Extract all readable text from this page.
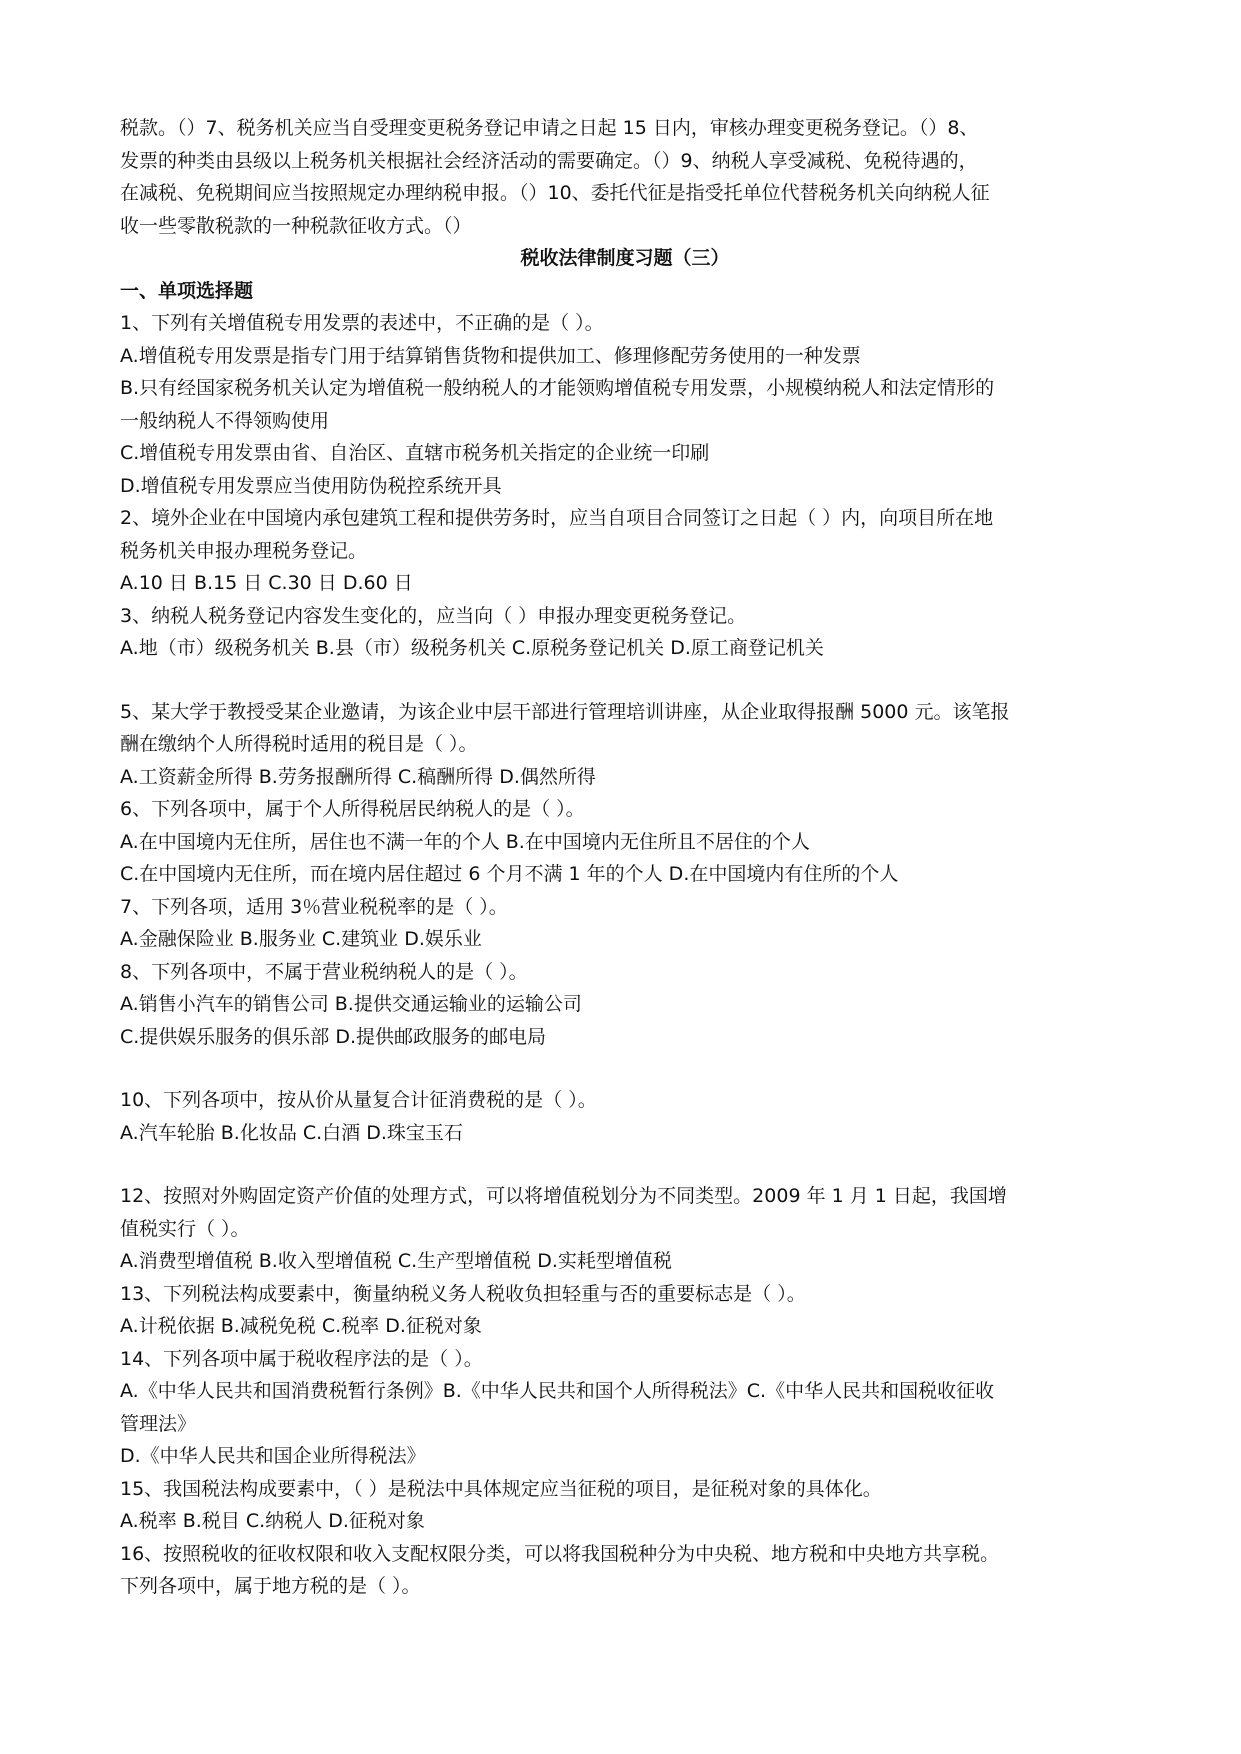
税款。（）7、税务机关应当自受理变更税务登记申请之日起 15 日内，审核办理变更税务登记。（）8、

发票的种类由县级以上税务机关根据社会经济活动的需要确定。（）9、纳税人享受减税、免税待遇的，

在减税、免税期间应当按照规定办理纳税申报。（）10、委托代征是指受托单位代替税务机关向纳税人征

收一些零散税款的一种税款征收方式。（）

税收法律制度习题（三）

一、单项选择题

1、下列有关增值税专用发票的表述中，不正确的是（ ）。

A.增值税专用发票是指专门用于结算销售货物和提供加工、修理修配劳务使用的一种发票

B.只有经国家税务机关认定为增值税一般纳税人的才能领购增值税专用发票，小规模纳税人和法定情形的

一般纳税人不得领购使用

C.增值税专用发票由省、自治区、直辖市税务机关指定的企业统一印刷

D.增值税专用发票应当使用防伪税控系统开具

2、境外企业在中国境内承包建筑工程和提供劳务时，应当自项目合同签订之日起（ ）内，向项目所在地

税务机关申报办理税务登记。

A.10 日 B.15 日 C.30 日 D.60 日

3、纳税人税务登记内容发生变化的，应当向（ ）申报办理变更税务登记。

A.地（市）级税务机关 B.县（市）级税务机关 C.原税务登记机关 D.原工商登记机关

5、某大学于教授受某企业邀请，为该企业中层干部进行管理培训讲座，从企业取得报酬 5000 元。该笔报

酬在缴纳个人所得税时适用的税目是（ ）。

A.工资薪金所得 B.劳务报酬所得 C.稿酬所得 D.偶然所得

6、下列各项中，属于个人所得税居民纳税人的是（ ）。

A.在中国境内无住所，居住也不满一年的个人 B.在中国境内无住所且不居住的个人

C.在中国境内无住所，而在境内居住超过 6 个月不满 1 年的个人 D.在中国境内有住所的个人

7、下列各项，适用 3％营业税税率的是（ ）。

A.金融保险业 B.服务业 C.建筑业 D.娱乐业

8、下列各项中，不属于营业税纳税人的是（ ）。

A.销售小汽车的销售公司 B.提供交通运输业的运输公司

C.提供娱乐服务的俱乐部 D.提供邮政服务的邮电局

10、下列各项中，按从价从量复合计征消费税的是（ ）。

A.汽车轮胎 B.化妆品 C.白酒 D.珠宝玉石

12、按照对外购固定资产价值的处理方式，可以将增值税划分为不同类型。2009 年 1 月 1 日起，我国增

值税实行（ ）。

A.消费型增值税 B.收入型增值税 C.生产型增值税 D.实耗型增值税

13、下列税法构成要素中，衡量纳税义务人税收负担轻重与否的重要标志是（ ）。

A.计税依据 B.减税免税 C.税率 D.征税对象

14、下列各项中属于税收程序法的是（ ）。

A.《中华人民共和国消费税暂行条例》B.《中华人民共和国个人所得税法》C.《中华人民共和国税收征收

管理法》

D.《中华人民共和国企业所得税法》

15、我国税法构成要素中，（ ）是税法中具体规定应当征税的项目，是征税对象的具体化。

A.税率 B.税目 C.纳税人 D.征税对象

16、按照税收的征收权限和收入支配权限分类，可以将我国税种分为中央税、地方税和中央地方共享税。

下列各项中，属于地方税的是（ ）。
